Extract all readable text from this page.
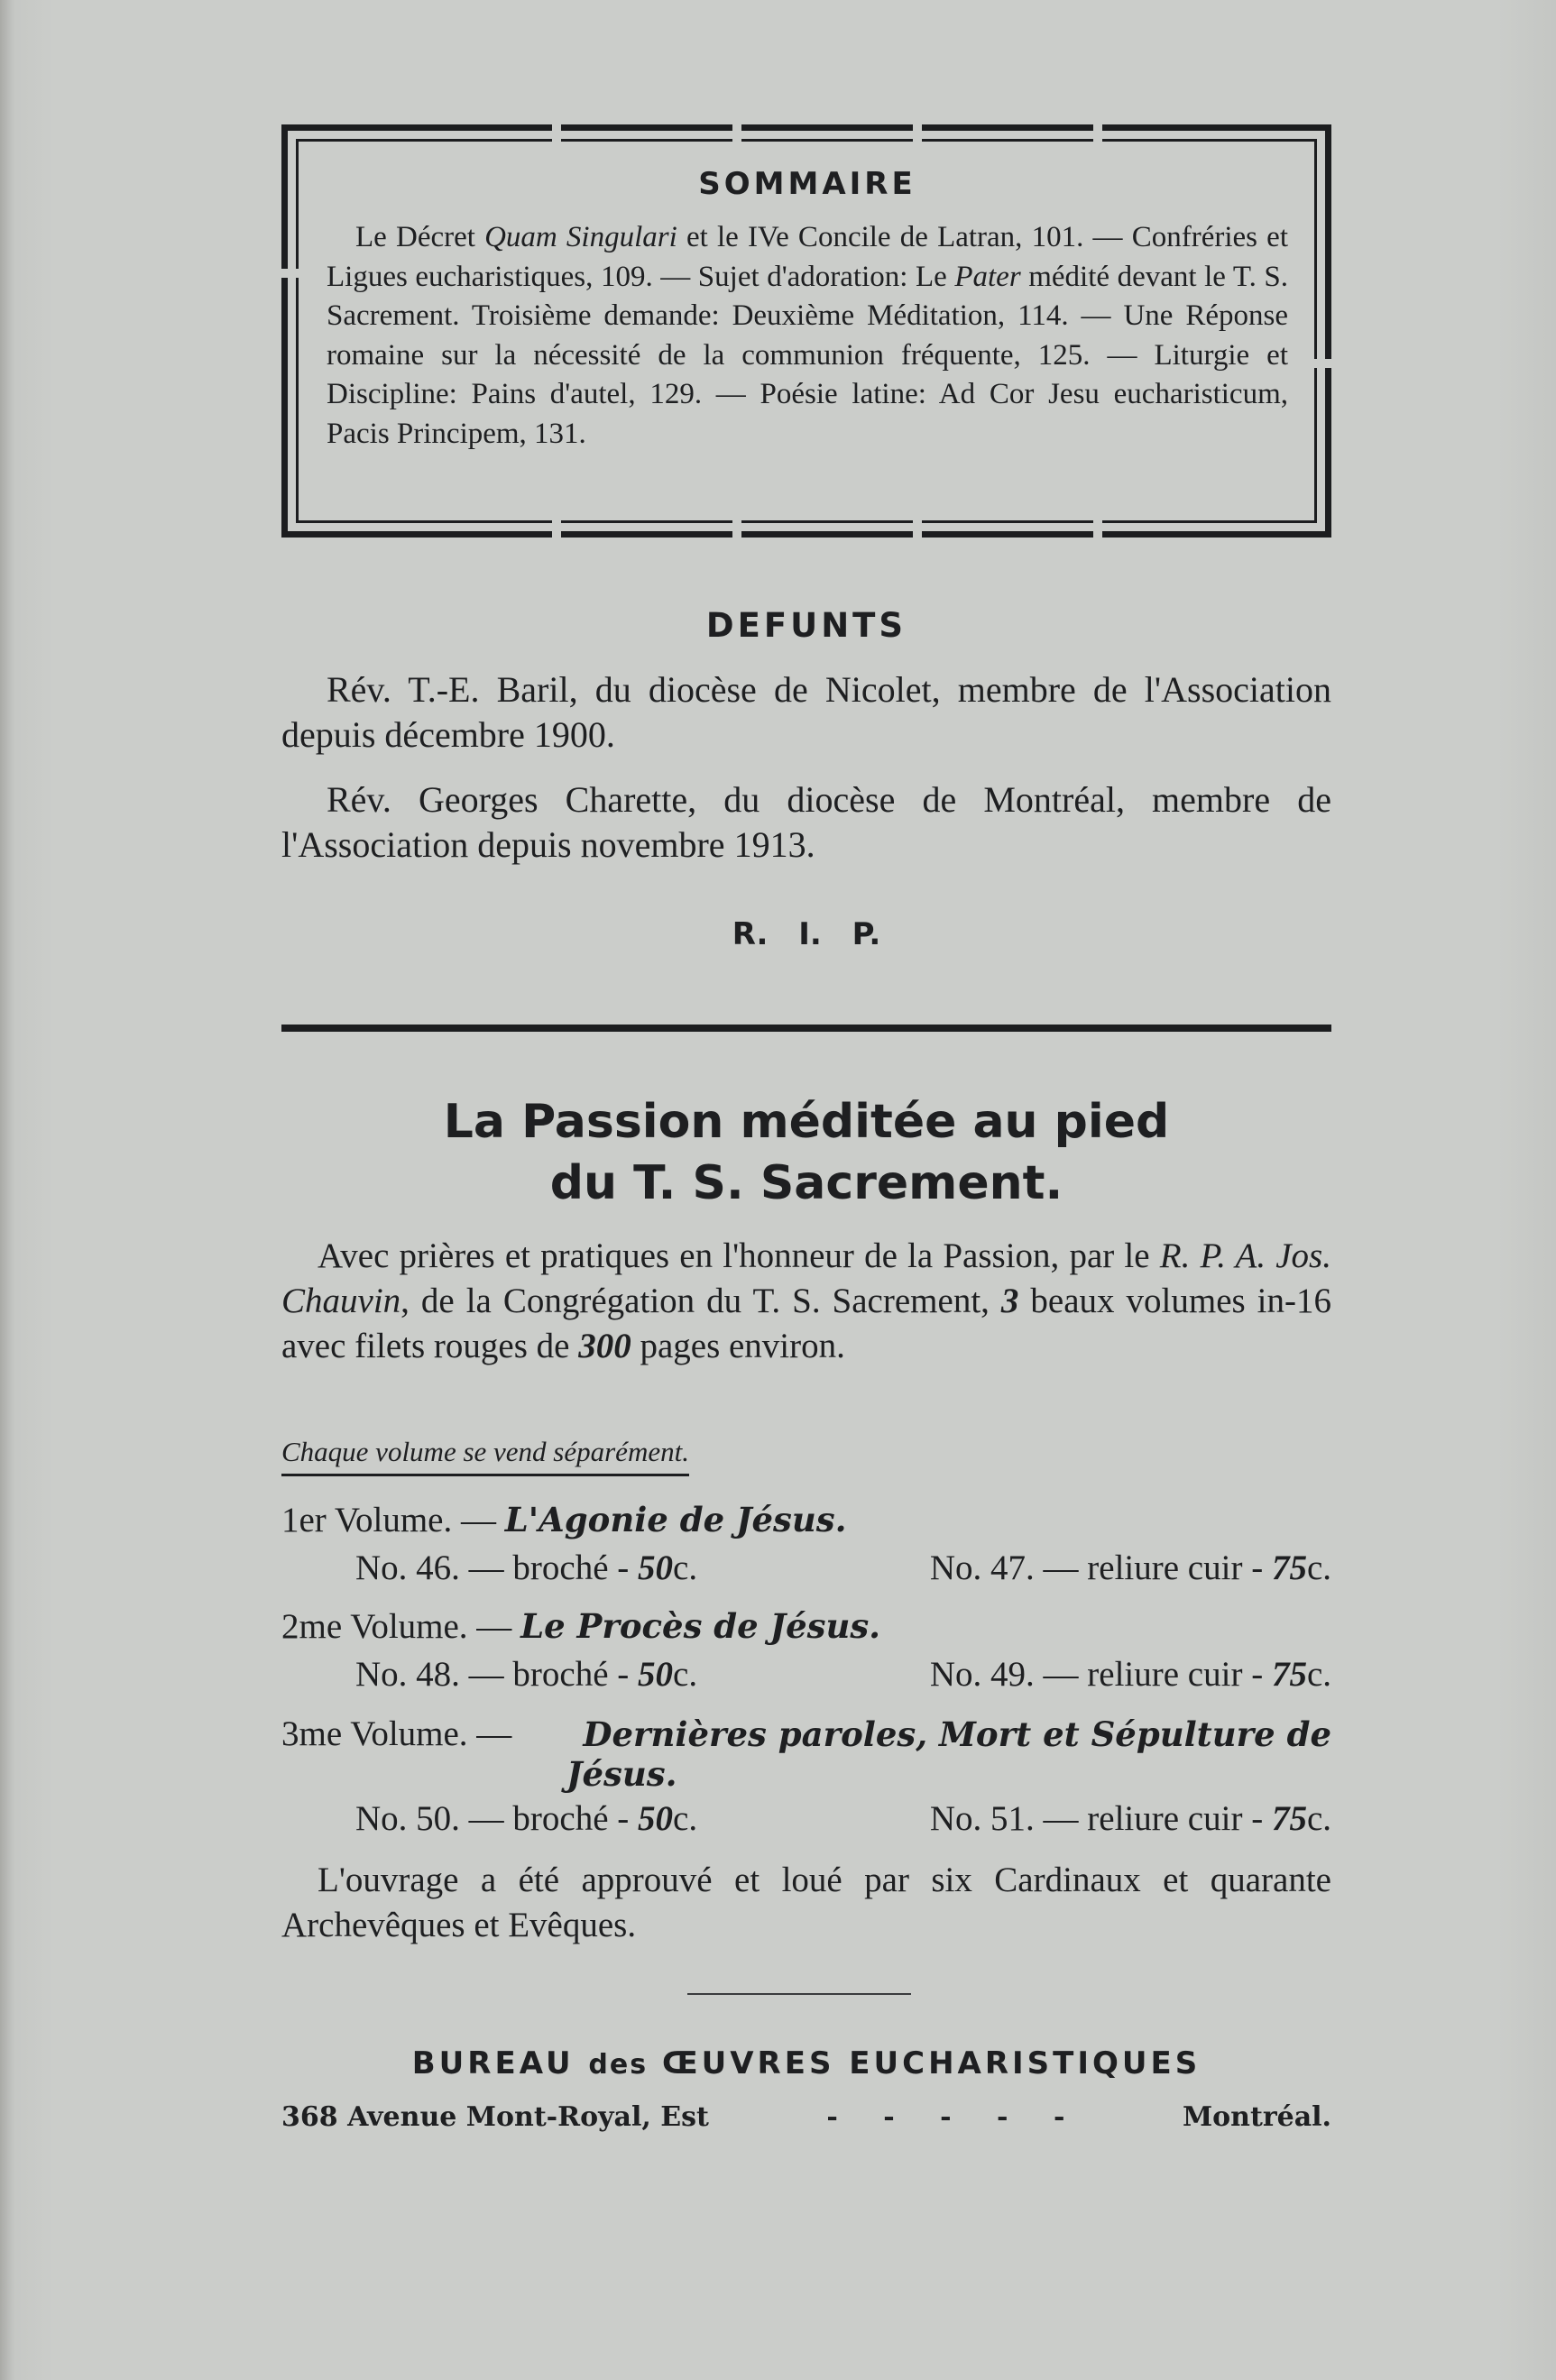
SOMMAIRE

Le Décret Quam Singulari et le IVe Concile de Latran, 101. — Confréries et Ligues eucharistiques, 109. — Sujet d'adoration: Le Pater médité devant le T. S. Sacrement. Troisième demande: Deuxième Méditation, 114. — Une Réponse romaine sur la nécessité de la communion fréquente, 125. — Liturgie et Discipline: Pains d'autel, 129. — Poésie latine: Ad Cor Jesu eucharisticum, Pacis Principem, 131.

DEFUNTS

Rév. T.-E. Baril, du diocèse de Nicolet, membre de l'Association depuis décembre 1900.

Rév. Georges Charette, du diocèse de Montréal, membre de l'Association depuis novembre 1913.

R. I. P.
La Passion méditée au pied
du T. S. Sacrement.

Avec prières et pratiques en l'honneur de la Passion, par le R. P. A. Jos. Chauvin, de la Congrégation du T. S. Sacrement, 3 beaux volumes in-16 avec filets rouges de 300 pages environ.

Chaque volume se vend séparément.
1er Volume. — L'Agonie de Jésus.
No. 46. — broché - 50c.	No. 47. — reliure cuir - 75c.
2me Volume. — Le Procès de Jésus.
No. 48. — broché - 50c.	No. 49. — reliure cuir - 75c.
3me Volume. — Dernières paroles, Mort et Sépulture de
Jésus.
No. 50. — broché - 50c.	No. 51. — reliure cuir - 75c.

L'ouvrage a été approuvé et loué par six Cardinaux et quarante Archevêques et Evêques.

BUREAU des ŒUVRES EUCHARISTIQUES
368 Avenue Mont-Royal, Est	- - - - -	Montréal.
